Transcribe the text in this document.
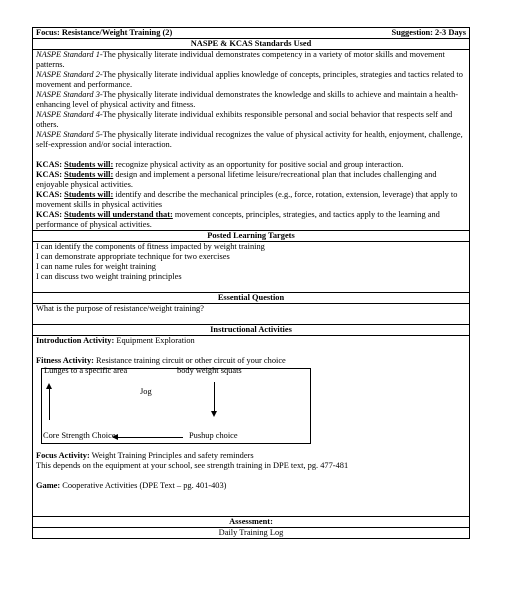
Focus: Resistance/Weight Training (2)	Suggestion: 2-3 Days

NASPE & KCAS Standards Used

NASPE Standard 1-The physically literate individual demonstrates competency in a variety of motor skills and movement patterns.

NASPE Standard 2-The physically literate individual applies knowledge of concepts, principles, strategies and tactics related to movement and performance.

NASPE Standard 3-The physically literate individual demonstrates the knowledge and skills to achieve and maintain a health-enhancing level of physical activity and fitness.

NASPE Standard 4-The physically literate individual exhibits responsible personal and social behavior that respects self and others.

NASPE Standard 5-The physically literate individual recognizes the value of physical activity for health, enjoyment, challenge, self-expression and/or social interaction.

KCAS: Students will: recognize physical activity as an opportunity for positive social and group interaction.

KCAS: Students will: design and implement a personal lifetime leisure/recreational plan that includes challenging and enjoyable physical activities.

KCAS: Students will: identify and describe the mechanical principles (e.g., force, rotation, extension, leverage) that apply to movement skills in physical activities

KCAS: Students will understand that: movement concepts, principles, strategies, and tactics apply to the learning and performance of physical activities.

Posted Learning Targets

I can identify the components of fitness impacted by weight training

I can demonstrate appropriate technique for two exercises

I can name rules for weight training

I can discuss two weight training principles

Essential Question

What is the purpose of resistance/weight training?

Instructional Activities

Introduction Activity: Equipment Exploration

Fitness Activity: Resistance training circuit or other circuit of your choice

Lunges to a specific area	body weight squats
Jog
Core Strength Choice	Pushup choice

Focus Activity: Weight Training Principles and safety reminders

This depends on the equipment at your school, see strength training in DPE text, pg. 477-481

Game: Cooperative Activities (DPE Text – pg. 401-403)

Assessment:
Daily Training Log
